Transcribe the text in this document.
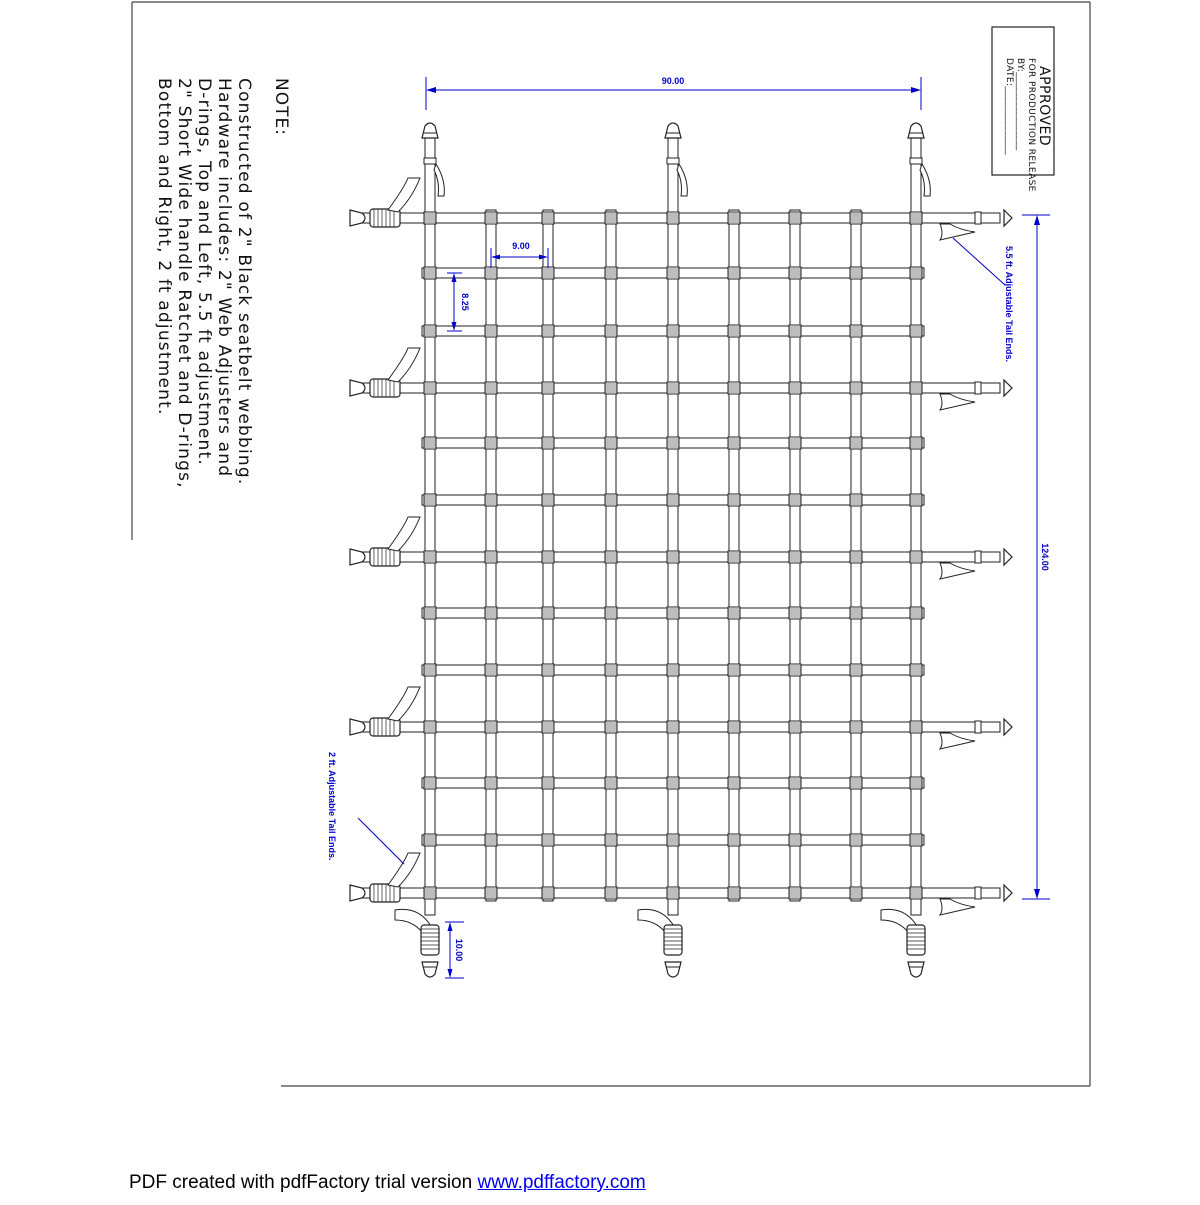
90.00
124.00
9.00
8.25
10.00
5.5 ft. Adjustable Tail Ends.
2 ft. Adjustable Tail Ends.
NOTE:
Constructed of 2" Black seatbelt webbing.
Hardware includes: 2" Web Adjusters and
D-rings, Top and Left, 5.5 ft adjustment.
2" Short Wide handle Ratchet and D-rings,
Bottom and Right, 2 ft adjustment.	APPROVED
FOR PRODUCTION RELEASE
BY:________________
DATE:______________
PDF created with pdfFactory trial version www.pdffactory.com
